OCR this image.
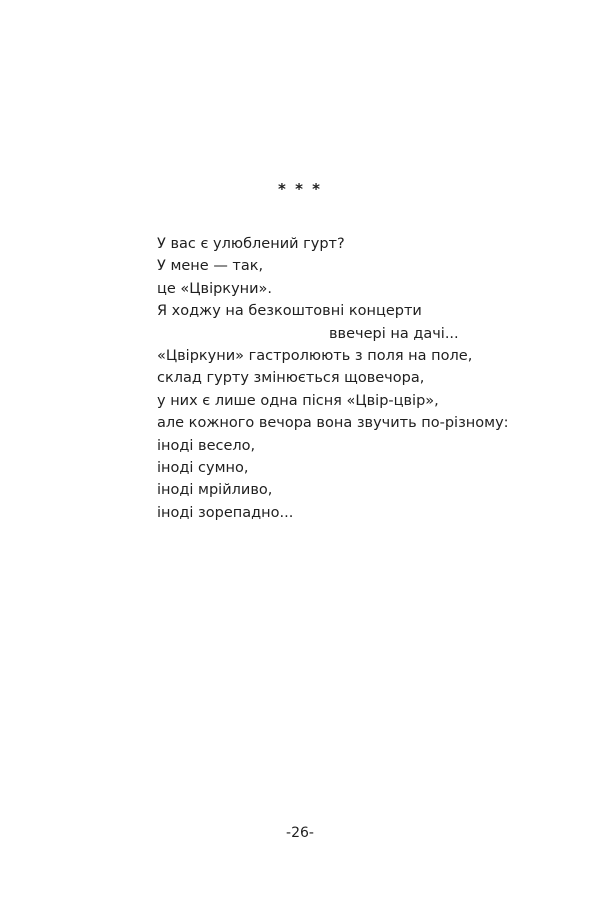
* * *
У вас є улюблений гурт?
У мене — так,
це «Цвіркуни».
Я ходжу на безкоштовні концерти
ввечері на дачі...
«Цвіркуни» гастролюють з поля на поле,
склад гурту змінюється щовечора,
у них є лише одна пісня «Цвір-цвір»,
але кожного вечора вона звучить по-різному:
іноді весело,
іноді сумно,
іноді мрійливо,
іноді зорепадно...
-26-
